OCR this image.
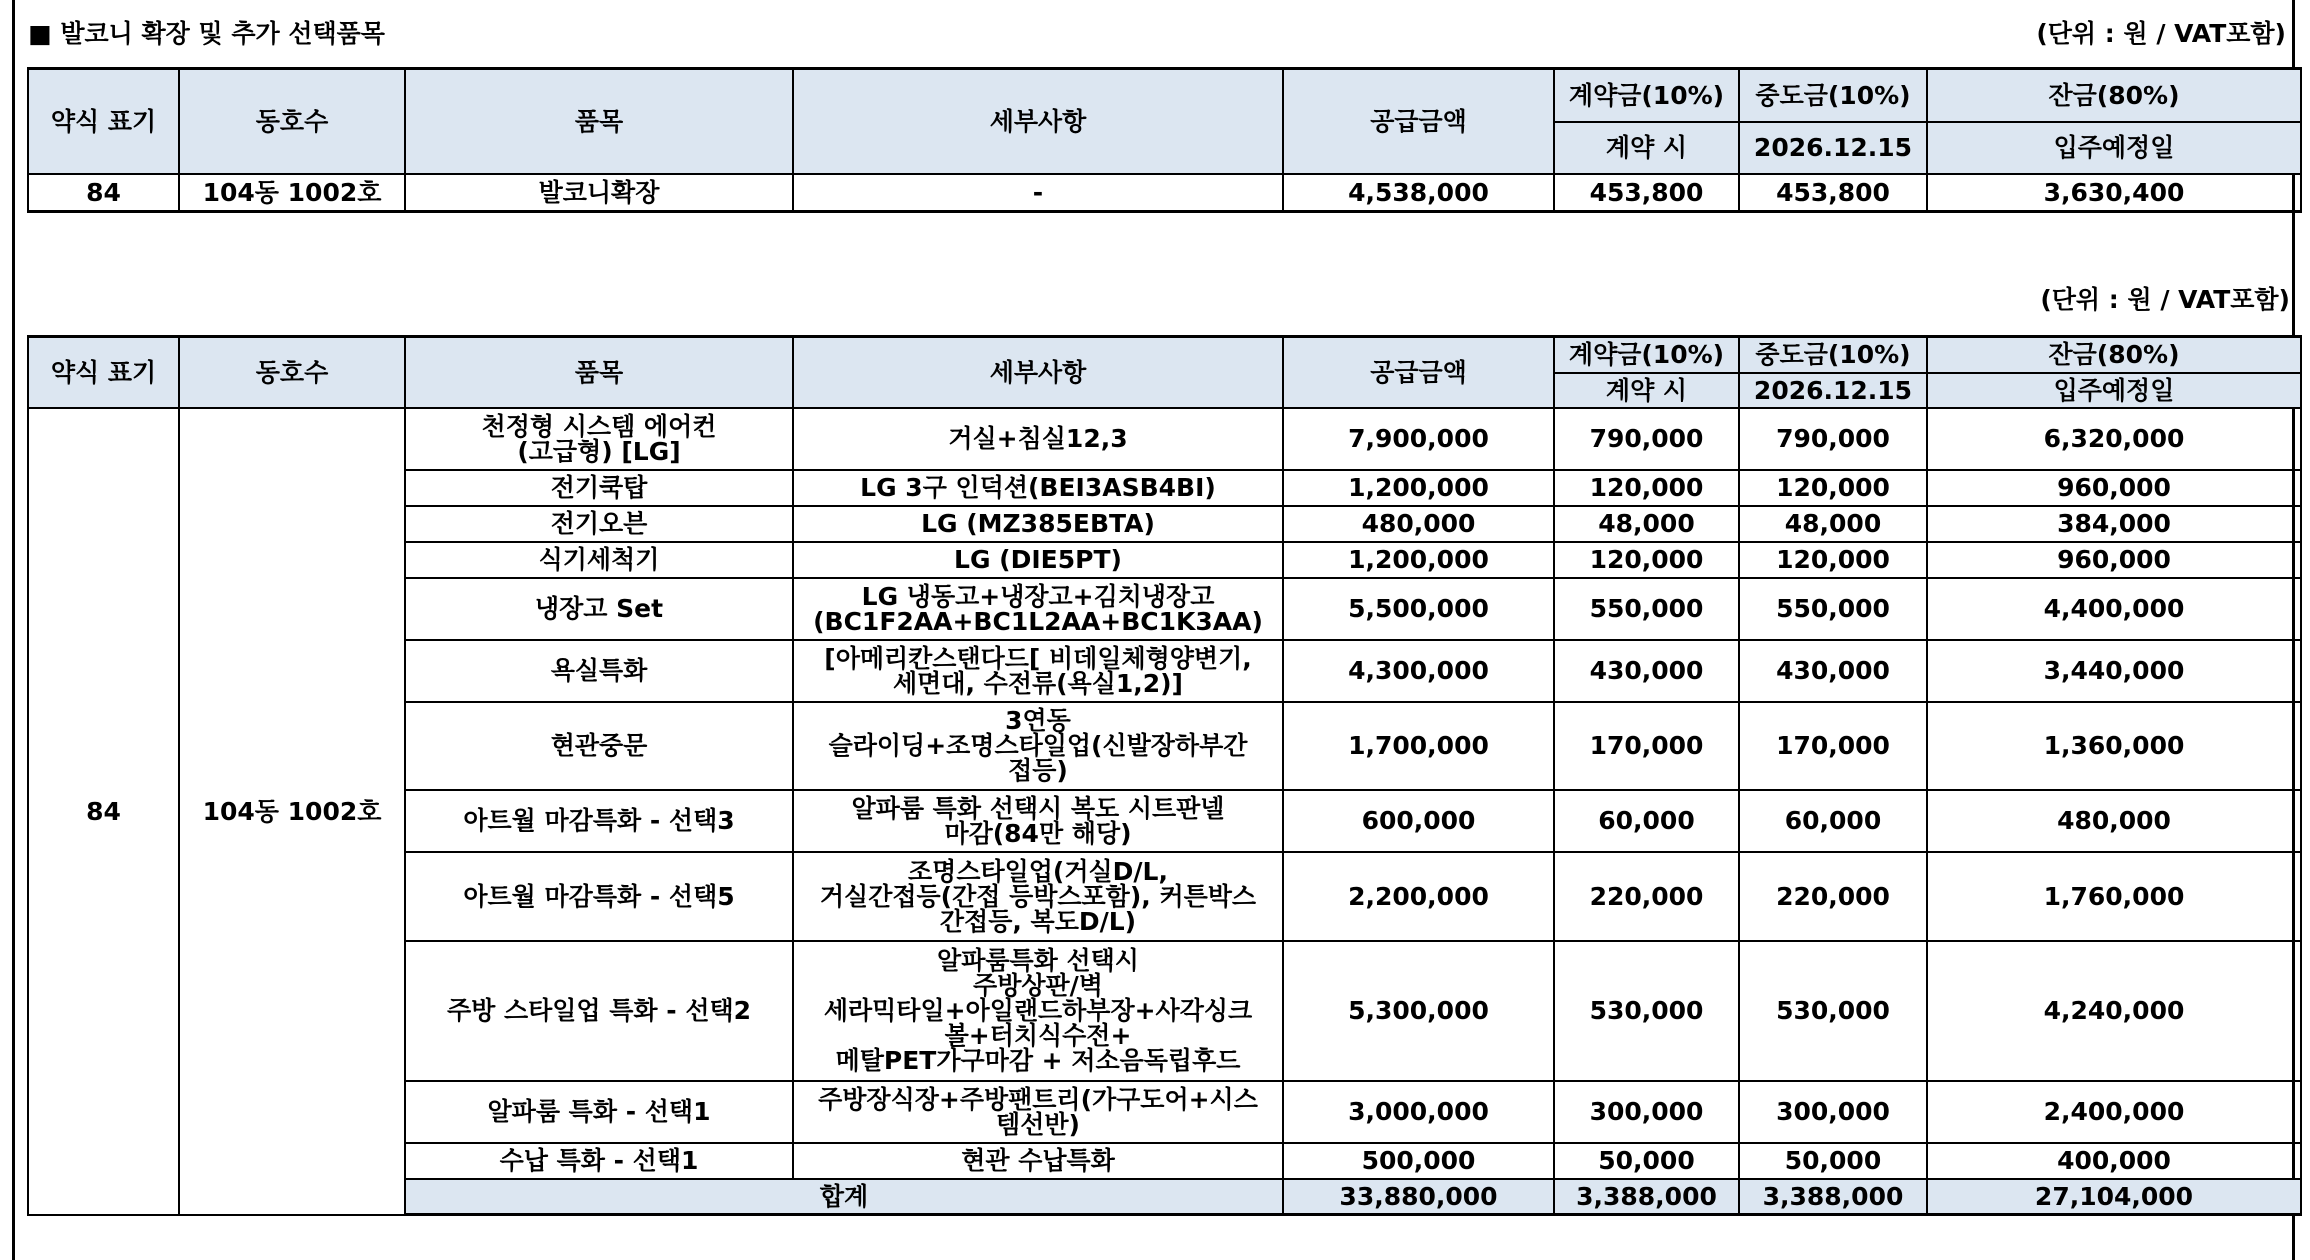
■ 발코니 확장 및 추가 선택품목	(단위 : 원 / VAT포함)
약식 표기	동호수	품목	세부사항	공급금액	계약금(10%)	중도금(10%)	잔금(80%)
					계약 시	2026.12.15	입주예정일
84	104동 1002호	발코니확장	-	4,538,000	453,800	453,800	3,630,400
(단위 : 원 / VAT포함)
약식 표기	동호수	품목	세부사항	공급금액	계약금(10%)	중도금(10%)	잔금(80%)
					계약 시	2026.12.15	입주예정일
84	104동 1002호	천정형 시스템 에어컨
(고급형) [LG]	거실+침실12,3	7,900,000	790,000	790,000	6,320,000
		전기쿡탑	LG 3구 인덕션(BEI3ASB4BI)	1,200,000	120,000	120,000	960,000
		전기오븐	LG (MZ385EBTA)	480,000	48,000	48,000	384,000
		식기세척기	LG (DIE5PT)	1,200,000	120,000	120,000	960,000
		냉장고 Set	LG 냉동고+냉장고+김치냉장고
(BC1F2AA+BC1L2AA+BC1K3AA)	5,500,000	550,000	550,000	4,400,000
		욕실특화	[아메리칸스탠다드[ 비데일체형양변기,
세면대, 수전류(욕실1,2)]	4,300,000	430,000	430,000	3,440,000
		현관중문	3연동
슬라이딩+조명스타일업(신발장하부간
접등)	1,700,000	170,000	170,000	1,360,000
		아트월 마감특화 - 선택3	알파룸 특화 선택시 복도 시트판넬
마감(84만 해당)	600,000	60,000	60,000	480,000
		아트월 마감특화 - 선택5	조명스타일업(거실D/L,
거실간접등(간접 등박스포함), 커튼박스
간접등, 복도D/L)	2,200,000	220,000	220,000	1,760,000
		주방 스타일업 특화 - 선택2	알파룸특화 선택시
주방상판/벽
세라믹타일+아일랜드하부장+사각싱크
볼+터치식수전+
메탈PET가구마감 + 저소음독립후드	5,300,000	530,000	530,000	4,240,000
		알파룸 특화 - 선택1	주방장식장+주방팬트리(가구도어+시스
템선반)	3,000,000	300,000	300,000	2,400,000
		수납 특화 - 선택1	현관 수납특화	500,000	50,000	50,000	400,000
		합계		33,880,000	3,388,000	3,388,000	27,104,000
